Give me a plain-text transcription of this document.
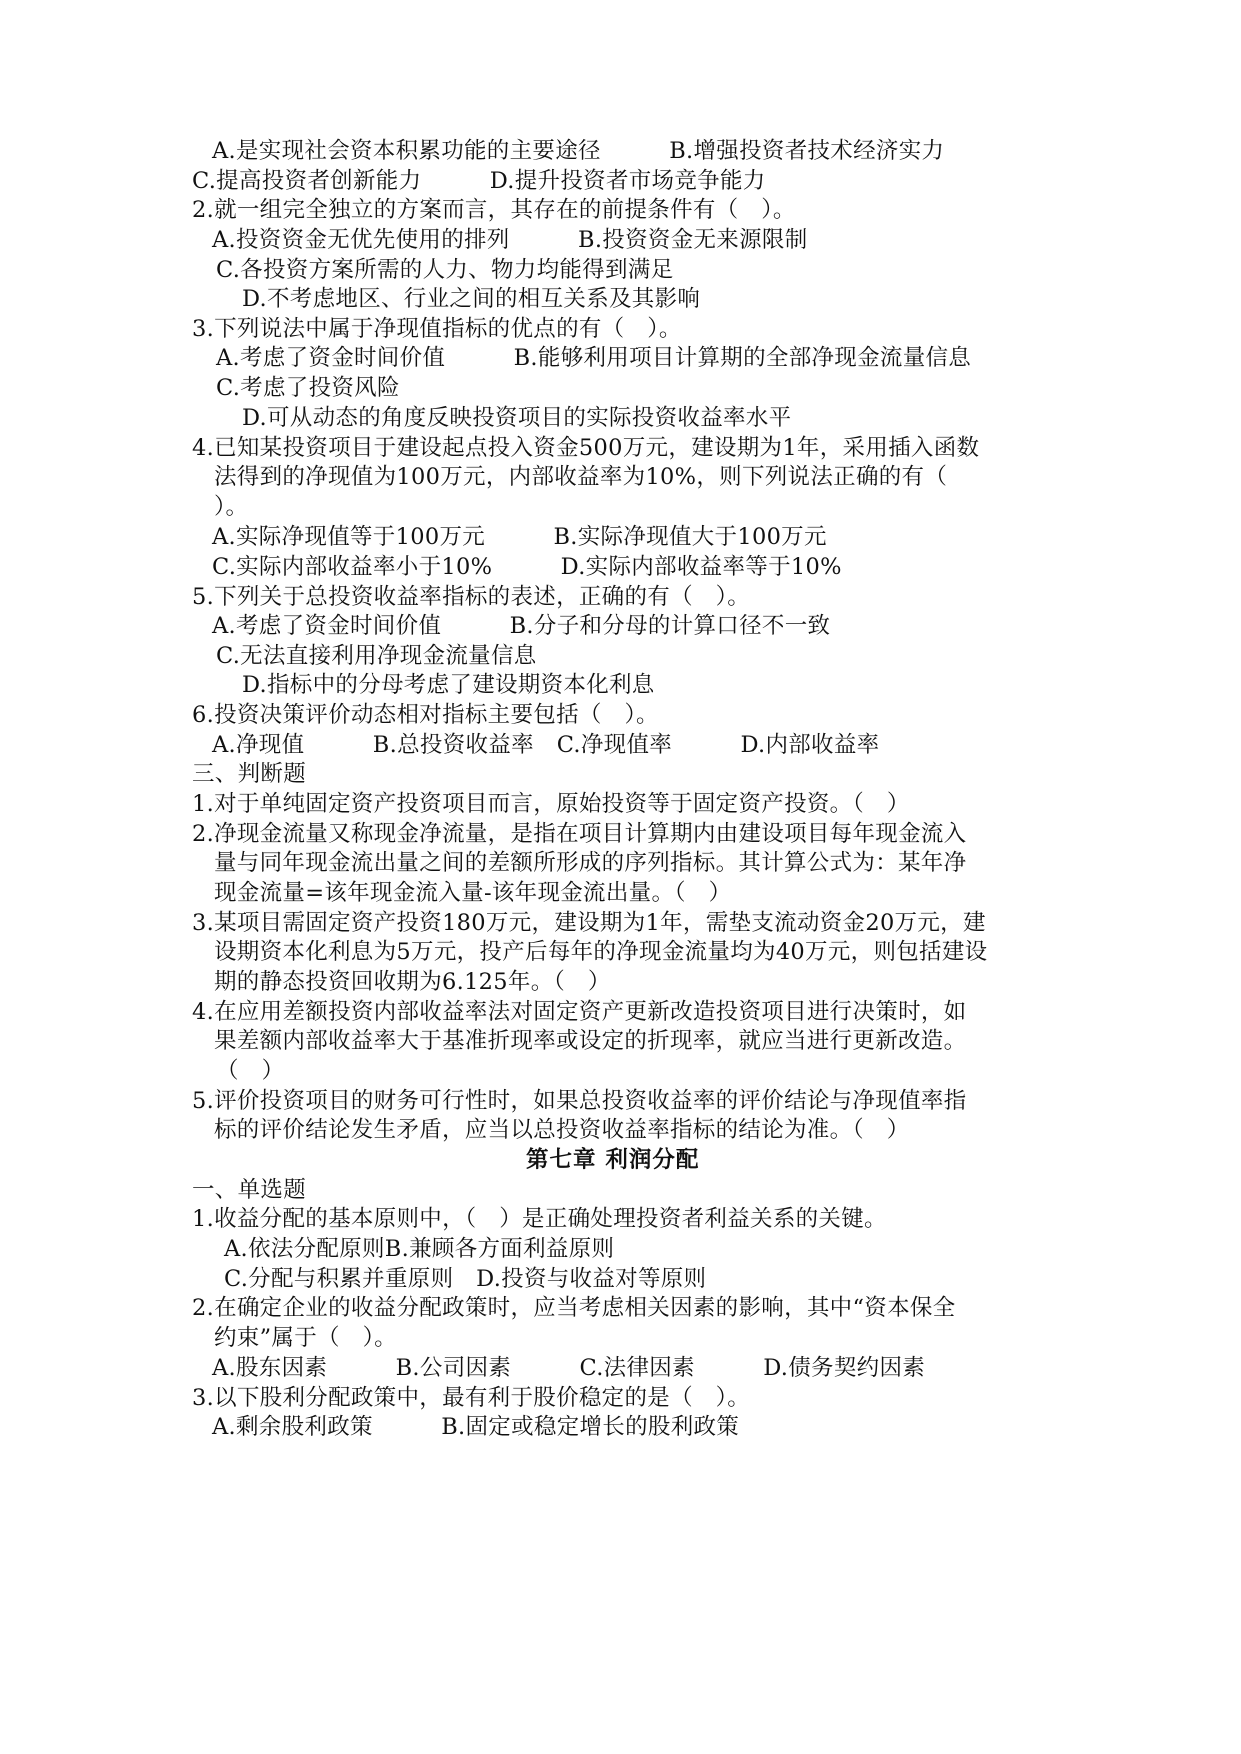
A.是实现社会资本积累功能的主要途径　　　B.增强投资者技术经济实力
C.提高投资者创新能力　　　D.提升投资者市场竞争能力
2.就一组完全独立的方案而言，其存在的前提条件有（　）。
A.投资资金无优先使用的排列　　　B.投资资金无来源限制
C.各投资方案所需的人力、物力均能得到满足
D.不考虑地区、行业之间的相互关系及其影响
3.下列说法中属于净现值指标的优点的有（　）。
A.考虑了资金时间价值　　　B.能够利用项目计算期的全部净现金流量信息
C.考虑了投资风险
D.可从动态的角度反映投资项目的实际投资收益率水平
4.已知某投资项目于建设起点投入资金500万元，建设期为1年，采用插入函数
法得到的净现值为100万元，内部收益率为10%，则下列说法正确的有（
）。
A.实际净现值等于100万元　　　B.实际净现值大于100万元
C.实际内部收益率小于10%　　　D.实际内部收益率等于10%
5.下列关于总投资收益率指标的表述，正确的有（　）。
A.考虑了资金时间价值　　　B.分子和分母的计算口径不一致
C.无法直接利用净现金流量信息
D.指标中的分母考虑了建设期资本化利息
6.投资决策评价动态相对指标主要包括（　）。
A.净现值　　　B.总投资收益率　C.净现值率　　　D.内部收益率
三、判断题
1.对于单纯固定资产投资项目而言，原始投资等于固定资产投资。（　）
2.净现金流量又称现金净流量，是指在项目计算期内由建设项目每年现金流入
量与同年现金流出量之间的差额所形成的序列指标。其计算公式为：某年净
现金流量=该年现金流入量-该年现金流出量。（　）
3.某项目需固定资产投资180万元，建设期为1年，需垫支流动资金20万元，建
设期资本化利息为5万元，投产后每年的净现金流量均为40万元，则包括建设
期的静态投资回收期为6.125年。（　）
4.在应用差额投资内部收益率法对固定资产更新改造投资项目进行决策时，如
果差额内部收益率大于基准折现率或设定的折现率，就应当进行更新改造。
（　）
5.评价投资项目的财务可行性时，如果总投资收益率的评价结论与净现值率指
标的评价结论发生矛盾，应当以总投资收益率指标的结论为准。（　）
第七章 利润分配
一、单选题
1.收益分配的基本原则中，（　）是正确处理投资者利益关系的关键。
A.依法分配原则B.兼顾各方面利益原则
C.分配与积累并重原则　D.投资与收益对等原则
2.在确定企业的收益分配政策时，应当考虑相关因素的影响，其中“资本保全
约束”属于（　）。
A.股东因素　　　B.公司因素　　　C.法律因素　　　D.债务契约因素
3.以下股利分配政策中，最有利于股价稳定的是（　）。
A.剩余股利政策　　　B.固定或稳定增长的股利政策
